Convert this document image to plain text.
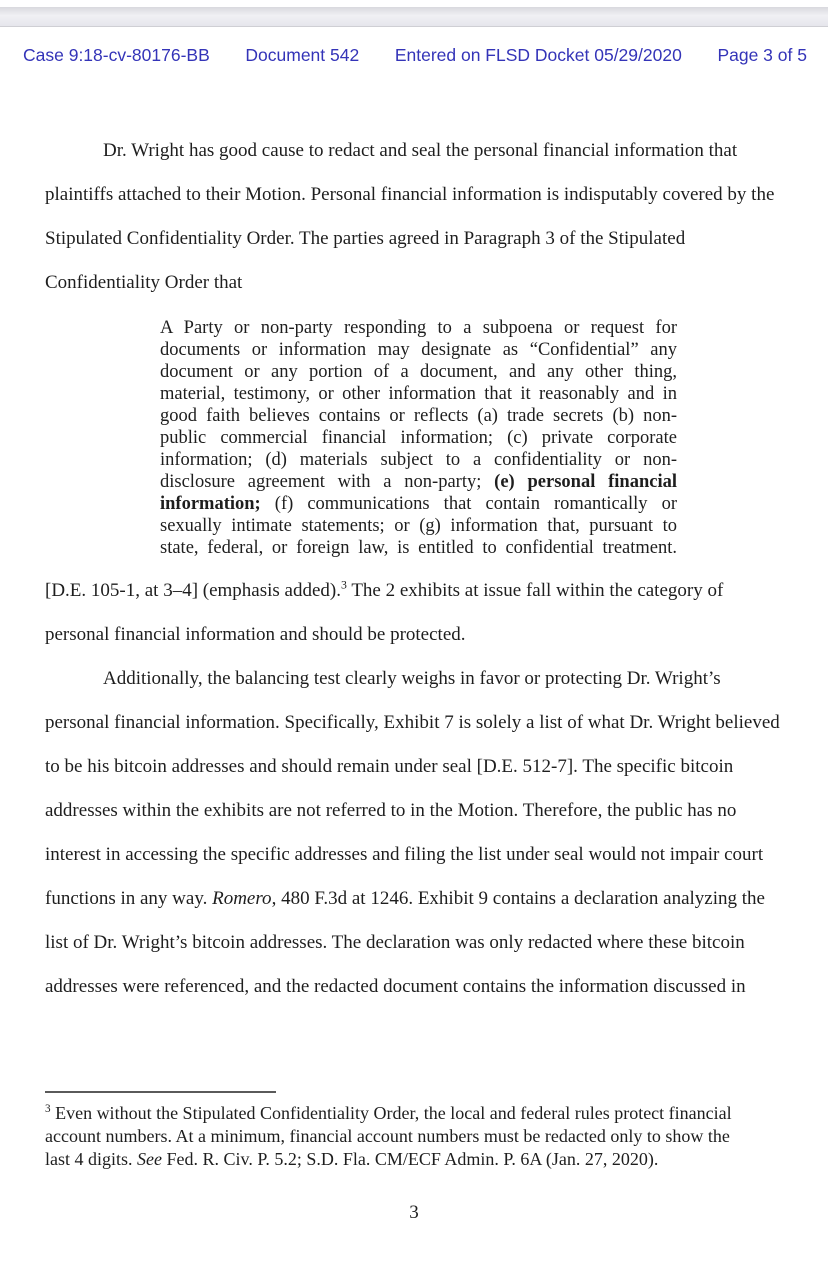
Case 9:18-cv-80176-BB Document 542 Entered on FLSD Docket 05/29/2020 Page 3 of 5
Dr. Wright has good cause to redact and seal the personal financial information that
plaintiffs attached to their Motion. Personal financial information is indisputably covered by the
Stipulated Confidentiality Order. The parties agreed in Paragraph 3 of the Stipulated
Confidentiality Order that
A Party or non-party responding to a subpoena or request for
documents or information may designate as “Confidential” any
document or any portion of a document, and any other thing,
material, testimony, or other information that it reasonably and in
good faith believes contains or reflects (a) trade secrets (b) non-
public commercial financial information; (c) private corporate
information; (d) materials subject to a confidentiality or non-
disclosure agreement with a non-party; (e) personal financial
information; (f) communications that contain romantically or
sexually intimate statements; or (g) information that, pursuant to
state, federal, or foreign law, is entitled to confidential treatment.
[D.E. 105-1, at 3–4] (emphasis added).$^3$ The 2 exhibits at issue fall within the category of
personal financial information and should be protected.
Additionally, the balancing test clearly weighs in favor or protecting Dr. Wright’s
personal financial information. Specifically, Exhibit 7 is solely a list of what Dr. Wright believed
to be his bitcoin addresses and should remain under seal [D.E. 512-7]. The specific bitcoin
addresses within the exhibits are not referred to in the Motion. Therefore, the public has no
interest in accessing the specific addresses and filing the list under seal would not impair court
functions in any way. Romero, 480 F.3d at 1246. Exhibit 9 contains a declaration analyzing the
list of Dr. Wright’s bitcoin addresses. The declaration was only redacted where these bitcoin
addresses were referenced, and the redacted document contains the information discussed in
$^3$ Even without the Stipulated Confidentiality Order, the local and federal rules protect financial
account numbers. At a minimum, financial account numbers must be redacted only to show the
last 4 digits. See Fed. R. Civ. P. 5.2; S.D. Fla. CM/ECF Admin. P. 6A (Jan. 27, 2020).
3
